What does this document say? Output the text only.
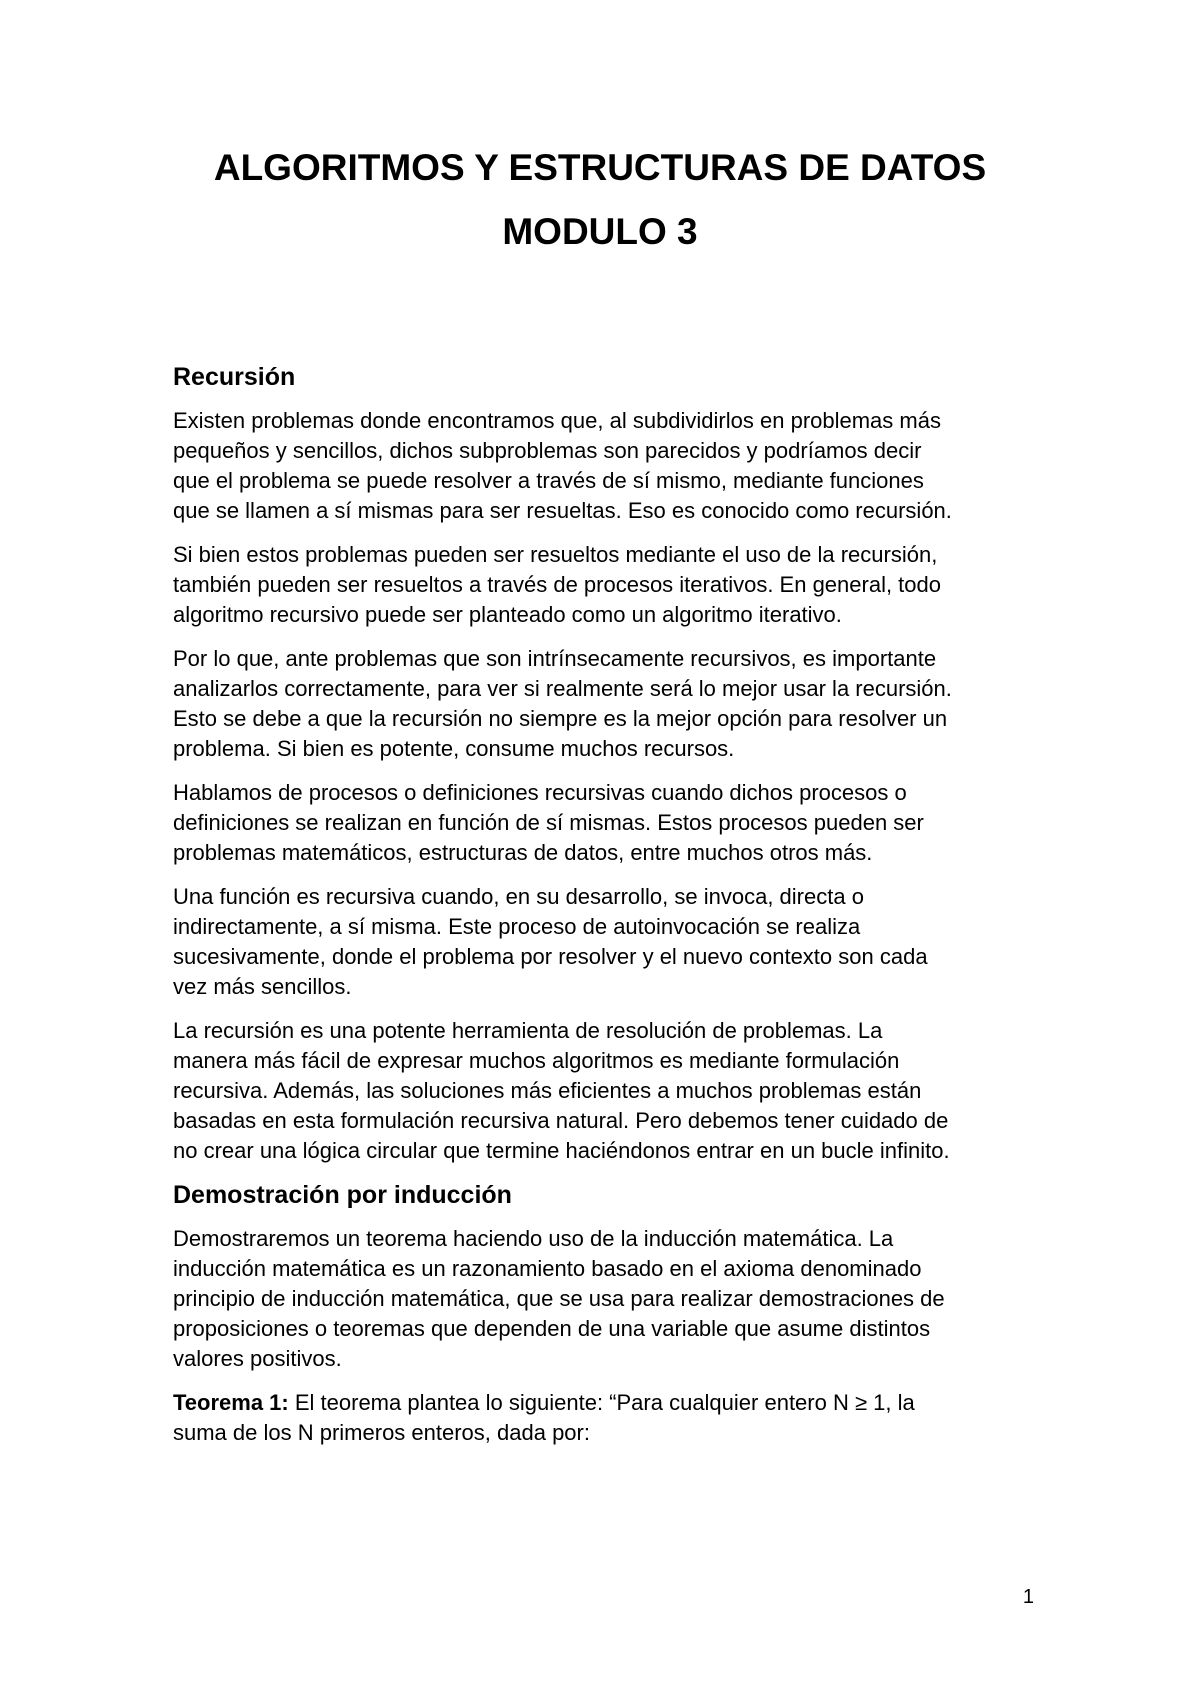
ALGORITMOS Y ESTRUCTURAS DE DATOS
MODULO 3
Recursión

Existen problemas donde encontramos que, al subdividirlos en problemas más
pequeños y sencillos, dichos subproblemas son parecidos y podríamos decir
que el problema se puede resolver a través de sí mismo, mediante funciones
que se llamen a sí mismas para ser resueltas. Eso es conocido como recursión.

Si bien estos problemas pueden ser resueltos mediante el uso de la recursión,
también pueden ser resueltos a través de procesos iterativos. En general, todo
algoritmo recursivo puede ser planteado como un algoritmo iterativo.

Por lo que, ante problemas que son intrínsecamente recursivos, es importante
analizarlos correctamente, para ver si realmente será lo mejor usar la recursión.
Esto se debe a que la recursión no siempre es la mejor opción para resolver un
problema. Si bien es potente, consume muchos recursos.

Hablamos de procesos o definiciones recursivas cuando dichos procesos o
definiciones se realizan en función de sí mismas. Estos procesos pueden ser
problemas matemáticos, estructuras de datos, entre muchos otros más.

Una función es recursiva cuando, en su desarrollo, se invoca, directa o
indirectamente, a sí misma. Este proceso de autoinvocación se realiza
sucesivamente, donde el problema por resolver y el nuevo contexto son cada
vez más sencillos.

La recursión es una potente herramienta de resolución de problemas. La
manera más fácil de expresar muchos algoritmos es mediante formulación
recursiva. Además, las soluciones más eficientes a muchos problemas están
basadas en esta formulación recursiva natural. Pero debemos tener cuidado de
no crear una lógica circular que termine haciéndonos entrar en un bucle infinito.

Demostración por inducción

Demostraremos un teorema haciendo uso de la inducción matemática. La
inducción matemática es un razonamiento basado en el axioma denominado
principio de inducción matemática, que se usa para realizar demostraciones de
proposiciones o teoremas que dependen de una variable que asume distintos
valores positivos.

Teorema 1: El teorema plantea lo siguiente: “Para cualquier entero N ≥ 1, la
suma de los N primeros enteros, dada por:

1
